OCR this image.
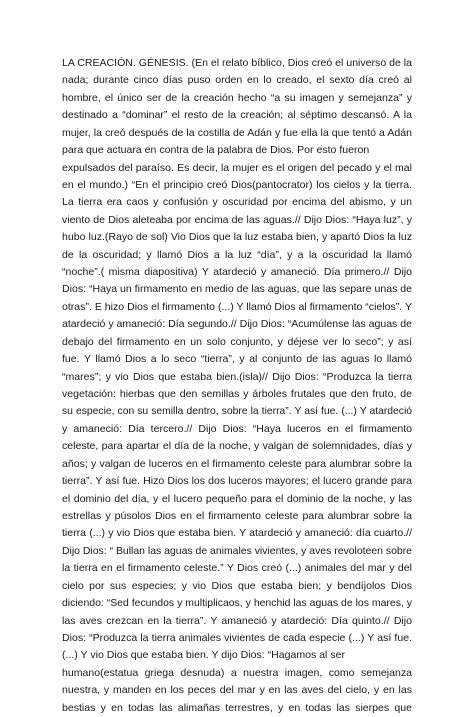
LA CREACIÓN. GÉNESIS. (En el relato bíblico, Dios creó el universo de la
nada; durante cinco días puso orden en lo creado, el sexto día creó al
hombre, el único ser de la creación hecho “a su imagen y semejanza” y
destinado a “dominar” el resto de la creación; al séptimo descansó. A la
mujer, la creó después de la costilla de Adán y fue ella la que tentó a Adán
para que actuara en contra de la palabra de Dios. Por esto fueron
expulsados del paraíso. Es decir, la mujer es el origen del pecado y el mal
en el mundo.) “En el principio creó Dios(pantocrator) los cielos y la tierra.
La tierra era caos y confusión y oscuridad por encima del abismo, y un
viento de Dios aleteaba por encima de las aguas.// Dijo Dios: “Haya luz”, y
hubo luz.(Rayo de sol) Vio Dios que la luz estaba bien, y apartó Dios la luz
de la oscuridad; y llamó Dios a la luz “día”, y a la oscuridad la llamó
“noche”.( misma diapositiva) Y atardeció y amaneció. Día primero.// Dijo
Dios: “Haya un firmamento en medio de las aguas, que las separe unas de
otras”. E hizo Dios el firmamento (...) Y llamó Dios al firmamento “cielos”. Y
atardeció y amaneció: Día segundo.// Dijo Dios: “Acumúlense las aguas de
debajo del firmamento en un solo conjunto, y déjese ver lo seco”; y así
fue. Y llamó Dios a lo seco “tierra”, y al conjunto de las aguas lo llamó
“mares”; y vio Dios que estaba bien.(isla)// Dijo Dios: “Produzca la tierra
vegetación: hierbas que den semillas y árboles frutales que den fruto, de
su especie, con su semilla dentro, sobre la tierra”. Y así fue. (...) Y atardeció
y amaneció: Día tercero.// Dijo Dios: “Haya luceros en el firmamento
celeste, para apartar el día de la noche, y valgan de solemnidades, días y
años; y valgan de luceros en el firmamento celeste para alumbrar sobre la
tierra”. Y así fue. Hizo Dios los dos luceros mayores; el lucero grande para
el dominio del día, y el lucero pequeño para el dominio de la noche, y las
estrellas y púsolos Dios en el firmamento celeste para alumbrar sobre la
tierra (...) y vio Dios que estaba bien. Y atardeció y amaneció: día cuarto.//
Dijo Dios: “ Bullan las aguas de animales vivientes, y aves revoloteen sobre
la tierra en el firmamento celeste.” Y Dios creó (...) animales del mar y del
cielo por sus especies; y vio Dios que estaba bien; y bendíjolos Dios
diciendo: “Sed fecundos y multiplicaos, y henchid las aguas de los mares, y
las aves crezcan en la tierra”. Y amaneció y atardeció: Día quinto.// Dijo
Dios: “Produzca la tierra animales vivientes de cada especie (...) Y así fue.
(...) Y vio Dios que estaba bien. Y dijo Dios: “Hagamos al ser
humano(estatua griega desnuda) a nuestra imagen, como semejanza
nuestra, y manden en los peces del mar y en las aves del cielo, y en las
bestias y en todas las alimañas terrestres, y en todas las sierpes que
